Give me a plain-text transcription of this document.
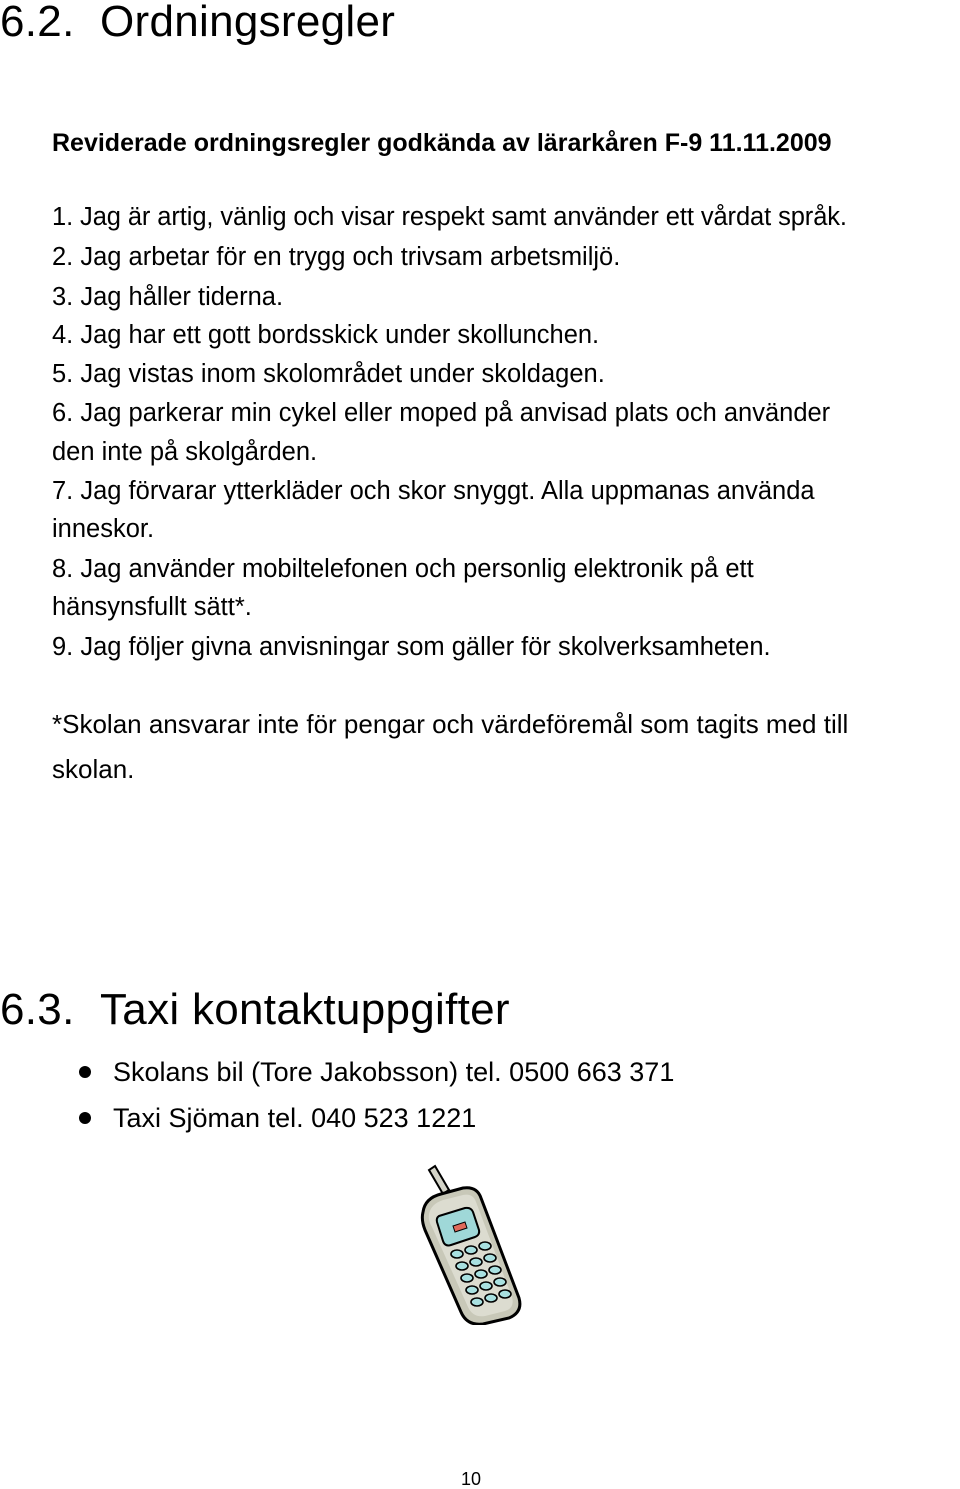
6.2. Ordningsregler
Reviderade ordningsregler godkända av lärarkåren F-9 11.11.2009
1. Jag är artig, vänlig och visar respekt samt använder ett vårdat språk.
2. Jag arbetar för en trygg och trivsam arbetsmiljö.
3. Jag håller tiderna.
4. Jag har ett gott bordsskick under skollunchen.
5. Jag vistas inom skolområdet under skoldagen.
6. Jag parkerar min cykel eller moped på anvisad plats och använder
den inte på skolgården.
7. Jag förvarar ytterkläder och skor snyggt. Alla uppmanas använda
inneskor.
8. Jag använder mobiltelefonen och personlig elektronik på ett
hänsynsfullt sätt*.
9. Jag följer givna anvisningar som gäller för skolverksamheten.
*Skolan ansvarar inte för pengar och värdeföremål som tagits med till
skolan.
6.3. Taxi kontaktuppgifter
Skolans bil (Tore Jakobsson) tel. 0500 663 371
Taxi Sjöman tel. 040 523 1221
10
